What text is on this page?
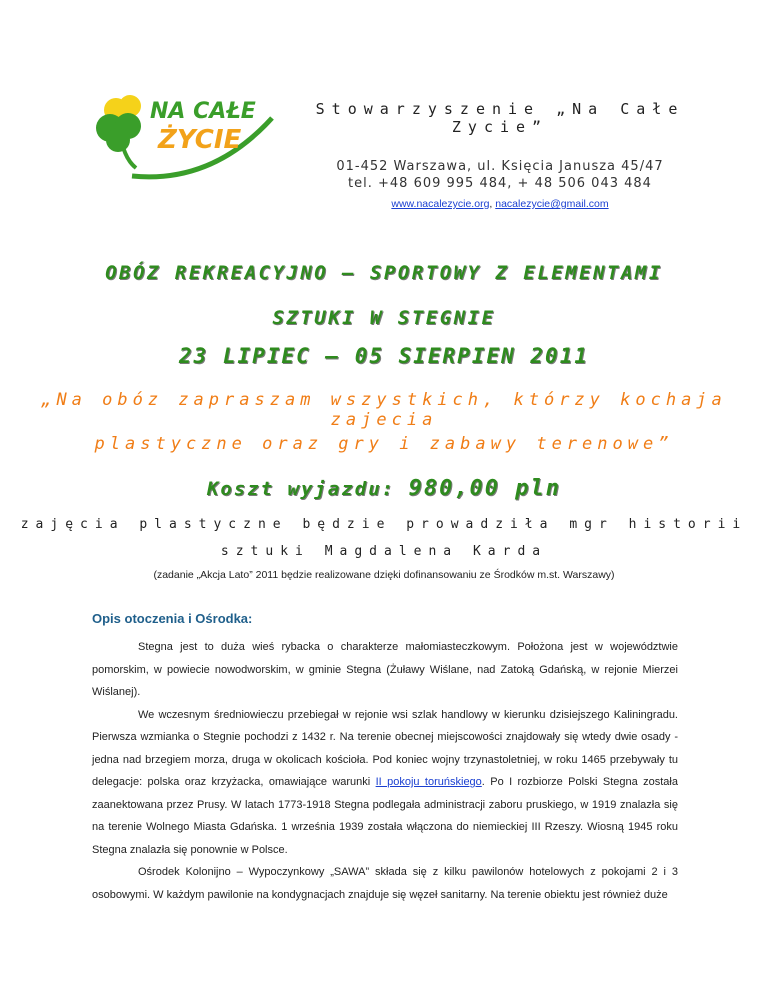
NA CAŁE
ŻYCIE

Stowarzyszenie „Na Całe Zycie”

01-452 Warszawa, ul. Księcia Janusza 45/47
tel. +48 609 995 484, + 48 506 043 484
www.nacalezycie.org, nacalezycie@gmail.com
OBÓZ REKREACYJNO – SPORTOWY Z ELEMENTAMI
SZTUKI W STEGNIE
23 LIPIEC – 05 SIERPIEN 2011
„Na obóz zapraszam wszystkich, którzy kochaja zajecia
plastyczne oraz gry i zabawy terenowe”
Koszt wyjazdu: 980,00 pln
zajęcia plastyczne będzie prowadziła mgr historii
sztuki Magdalena Karda
(zadanie „Akcja Lato” 2011 będzie realizowane dzięki dofinansowaniu ze Środków m.st. Warszawy)
Opis otoczenia i Ośrodka:

Stegna jest to duża wieś rybacka o charakterze małomiasteczkowym. Położona jest w województwie pomorskim, w powiecie nowodworskim, w gminie Stegna (Żuławy Wiślane, nad Zatoką Gdańską, w rejonie Mierzei Wiślanej).

We wczesnym średniowieczu przebiegał w rejonie wsi szlak handlowy w kierunku dzisiejszego Kaliningradu. Pierwsza wzmianka o Stegnie pochodzi z 1432 r. Na terenie obecnej miejscowości znajdowały się wtedy dwie osady - jedna nad brzegiem morza, druga w okolicach kościoła. Pod koniec wojny trzynastoletniej, w roku 1465 przebywały tu delegacje: polska oraz krzyżacka, omawiające warunki II pokoju toruńskiego. Po I rozbiorze Polski Stegna została zaanektowana przez Prusy. W latach 1773-1918 Stegna podlegała administracji zaboru pruskiego, w 1919 znalazła się na terenie Wolnego Miasta Gdańska. 1 września 1939 została włączona do niemieckiej III Rzeszy. Wiosną 1945 roku Stegna znalazła się ponownie w Polsce.

Ośrodek Kolonijno – Wypoczynkowy „SAWA” składa się z kilku pawilonów hotelowych z pokojami 2 i 3 osobowymi. W każdym pawilonie na kondygnacjach znajduje się węzeł sanitarny. Na terenie obiektu jest również duże
